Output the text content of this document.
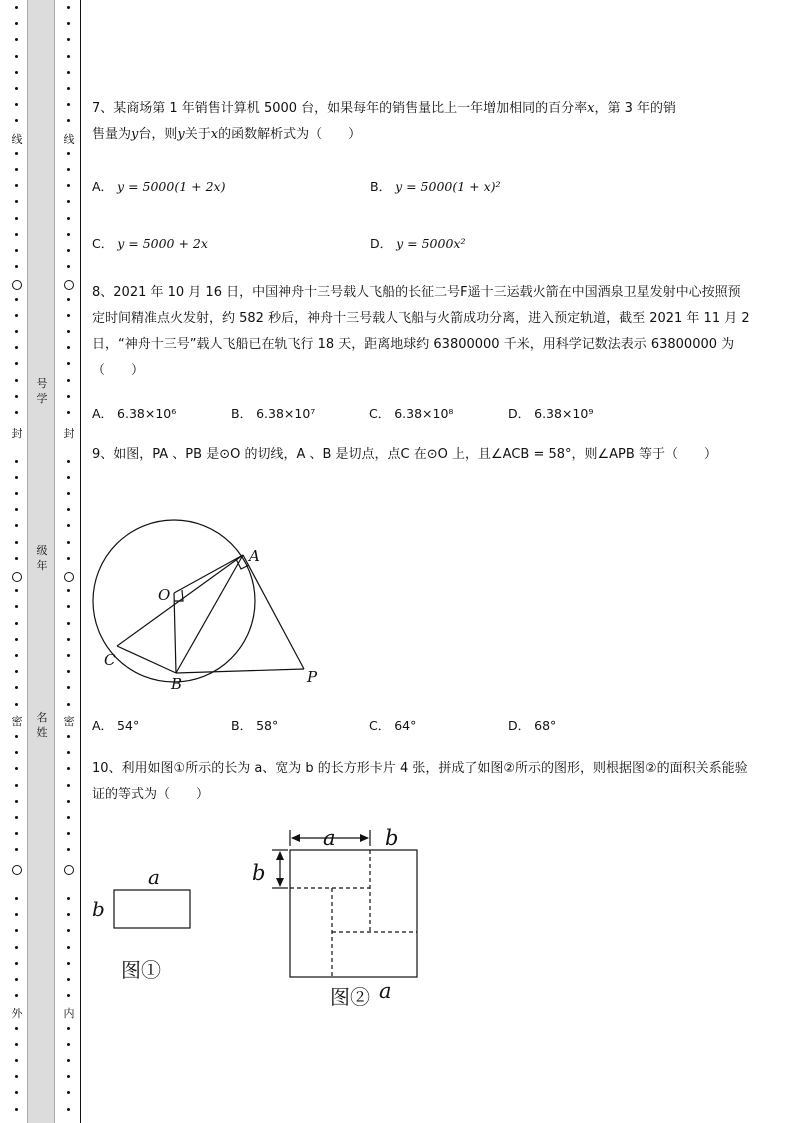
线
封
密
外
号学
级年
名姓
线
封
密
内
7、某商场第 1 年销售计算机 5000 台，如果每年的销售量比上一年增加相同的百分率x，第 3 年的销
售量为y台，则y关于x的函数解析式为（　　）
A． y = 5000(1 + 2x)	B． y = 5000(1 + x)²
C． y = 5000 + 2x	D． y = 5000x²
8、2021 年 10 月 16 日，中国神舟十三号载人飞船的长征二号F遥十三运载火箭在中国酒泉卫星发射中心按照预定时间精准点火发射，约 582 秒后，神舟十三号载人飞船与火箭成功分离，进入预定轨道，截至 2021 年 11 月 2 日，“神舟十三号”载人飞船已在轨飞行 18 天，距离地球约 63800000 千米，用科学记数法表示 63800000 为（　　）
A． 6.38×10⁶	B． 6.38×10⁷	C． 6.38×10⁸	D． 6.38×10⁹
9、如图，PA 、PB 是⊙O 的切线，A 、B 是切点，点C 在⊙O 上，且∠ACB = 58°，则∠APB 等于（　　）
A
O
C
B	P
A． 54°	B． 58°	C． 64°	D． 68°
10、利用如图①所示的长为 a、宽为 b 的长方形卡片 4 张，拼成了如图②所示的图形，则根据图②的面积关系能验证的等式为（　　）
a
b
图①
a b
b
a
图②
